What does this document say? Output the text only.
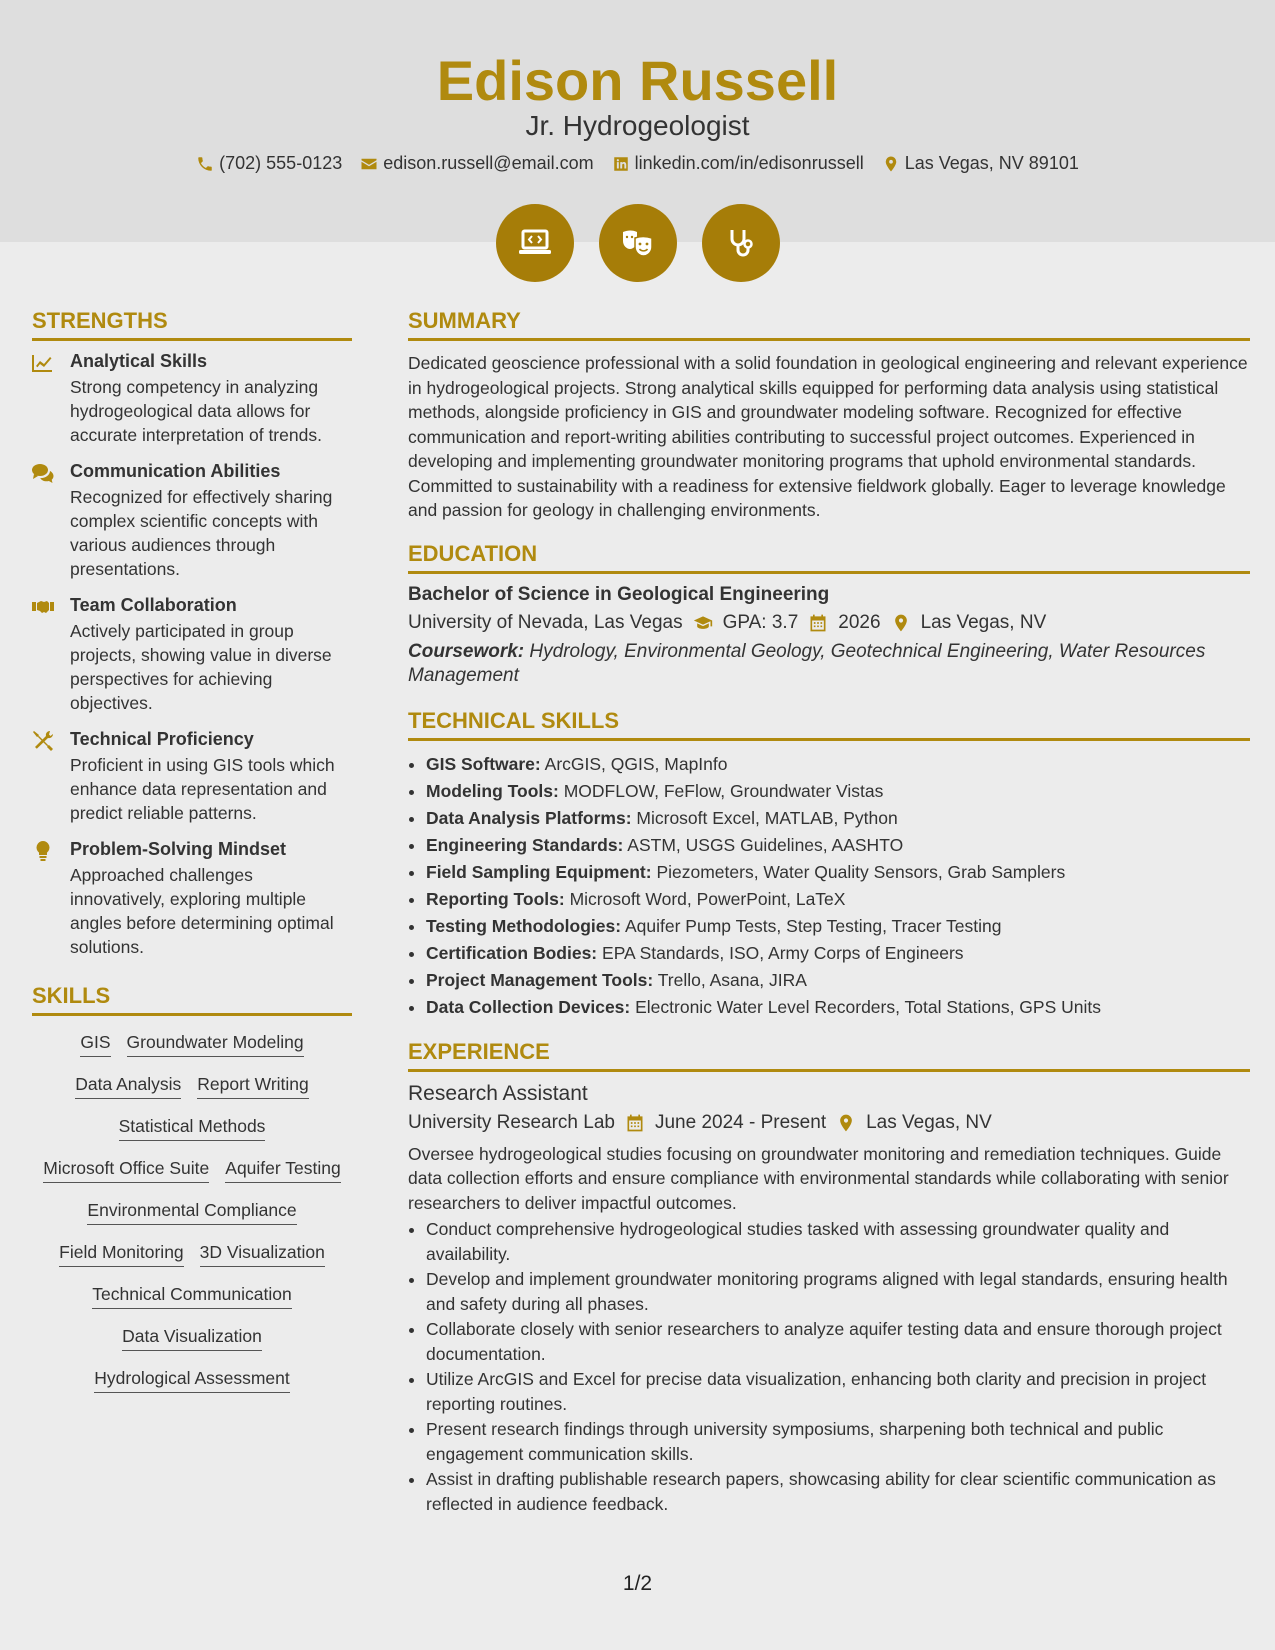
Edison Russell
Jr. Hydrogeologist
(702) 555-0123 edison.russell@email.com linkedin.com/in/edisonrussell Las Vegas, NV 89101
STRENGTHS
Analytical Skills
Strong competency in analyzing hydrogeological data allows for accurate interpretation of trends.
Communication Abilities
Recognized for effectively sharing complex scientific concepts with various audiences through presentations.
Team Collaboration
Actively participated in group projects, showing value in diverse perspectives for achieving objectives.
Technical Proficiency
Proficient in using GIS tools which enhance data representation and predict reliable patterns.
Problem-Solving Mindset
Approached challenges innovatively, exploring multiple angles before determining optimal solutions.
SKILLS
GIS Groundwater Modeling
Data Analysis Report Writing
Statistical Methods
Microsoft Office Suite Aquifer Testing
Environmental Compliance
Field Monitoring 3D Visualization
Technical Communication
Data Visualization
Hydrological Assessment
SUMMARY
Dedicated geoscience professional with a solid foundation in geological engineering and relevant experience in hydrogeological projects. Strong analytical skills equipped for performing data analysis using statistical methods, alongside proficiency in GIS and groundwater modeling software. Recognized for effective communication and report-writing abilities contributing to successful project outcomes. Experienced in developing and implementing groundwater monitoring programs that uphold environmental standards. Committed to sustainability with a readiness for extensive fieldwork globally. Eager to leverage knowledge and passion for geology in challenging environments.
EDUCATION
Bachelor of Science in Geological Engineering
University of Nevada, Las Vegas GPA: 3.7 2026 Las Vegas, NV
Coursework: Hydrology, Environmental Geology, Geotechnical Engineering, Water Resources Management
TECHNICAL SKILLS
• GIS Software: ArcGIS, QGIS, MapInfo
• Modeling Tools: MODFLOW, FeFlow, Groundwater Vistas
• Data Analysis Platforms: Microsoft Excel, MATLAB, Python
• Engineering Standards: ASTM, USGS Guidelines, AASHTO
• Field Sampling Equipment: Piezometers, Water Quality Sensors, Grab Samplers
• Reporting Tools: Microsoft Word, PowerPoint, LaTeX
• Testing Methodologies: Aquifer Pump Tests, Step Testing, Tracer Testing
• Certification Bodies: EPA Standards, ISO, Army Corps of Engineers
• Project Management Tools: Trello, Asana, JIRA
• Data Collection Devices: Electronic Water Level Recorders, Total Stations, GPS Units
EXPERIENCE
Research Assistant
University Research Lab June 2024 - Present Las Vegas, NV
Oversee hydrogeological studies focusing on groundwater monitoring and remediation techniques. Guide data collection efforts and ensure compliance with environmental standards while collaborating with senior researchers to deliver impactful outcomes.
• Conduct comprehensive hydrogeological studies tasked with assessing groundwater quality and availability.
• Develop and implement groundwater monitoring programs aligned with legal standards, ensuring health and safety during all phases.
• Collaborate closely with senior researchers to analyze aquifer testing data and ensure thorough project documentation.
• Utilize ArcGIS and Excel for precise data visualization, enhancing both clarity and precision in project reporting routines.
• Present research findings through university symposiums, sharpening both technical and public engagement communication skills.
• Assist in drafting publishable research papers, showcasing ability for clear scientific communication as reflected in audience feedback.
1/2
